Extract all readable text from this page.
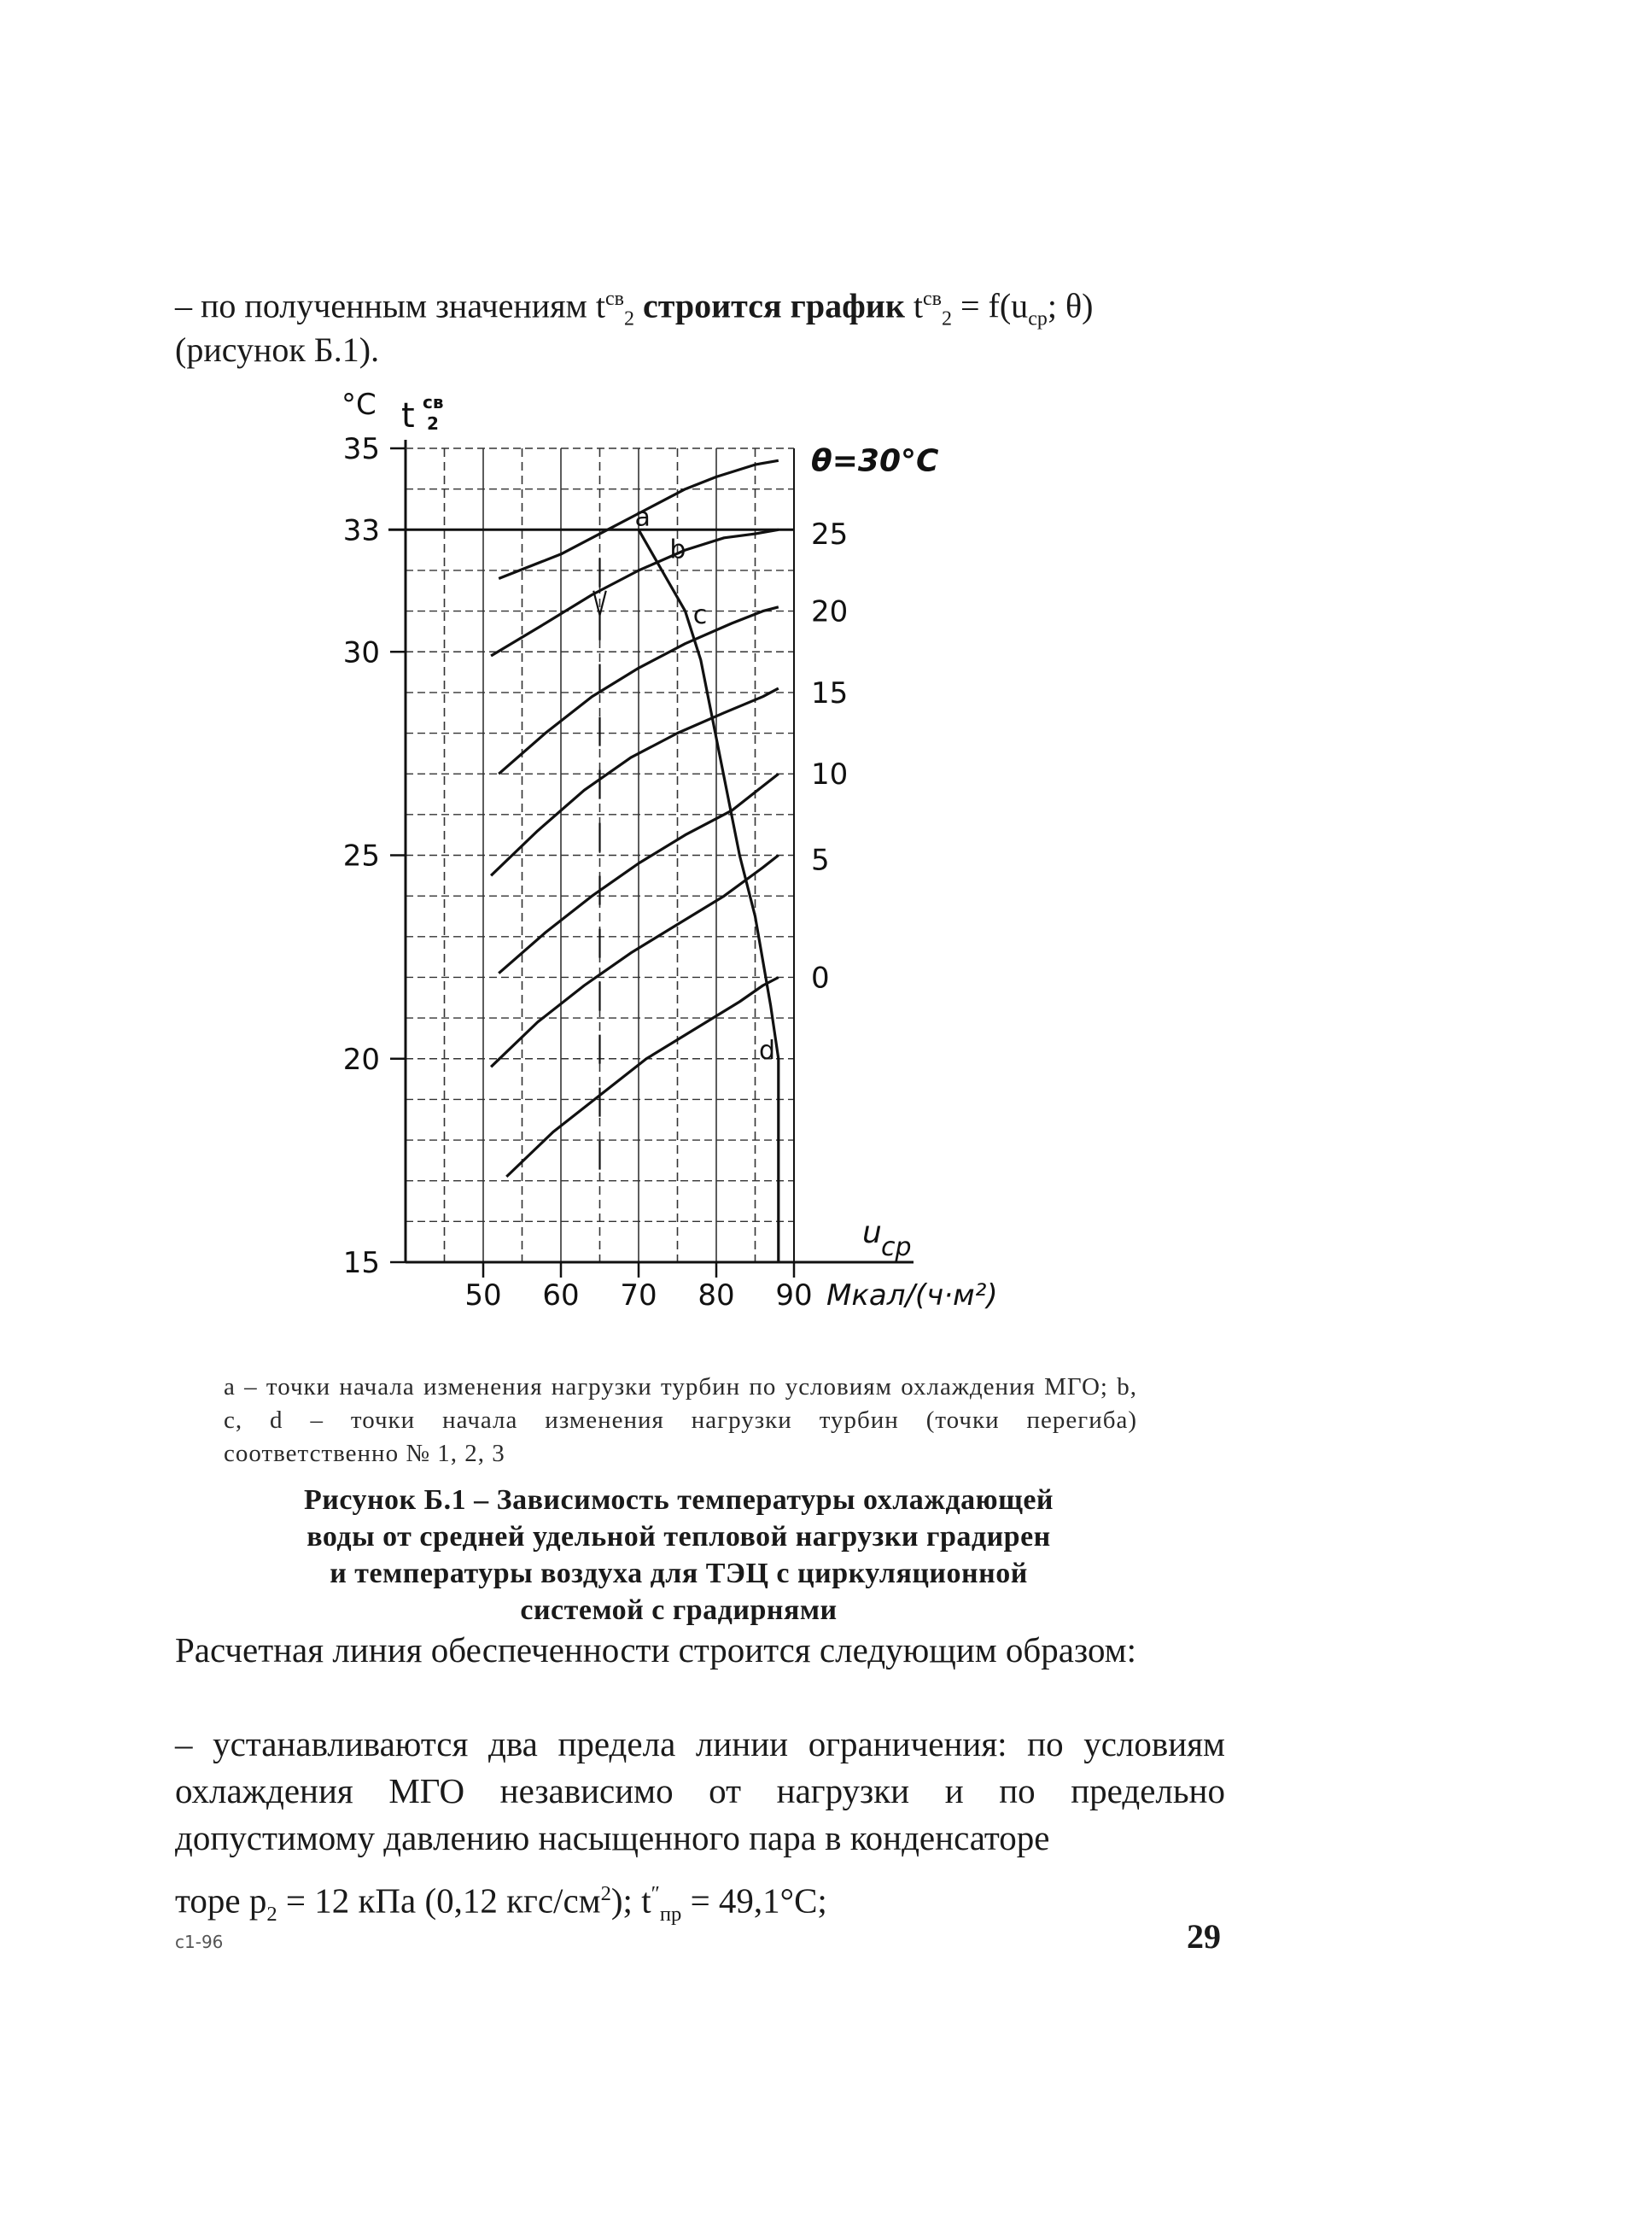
– по полученным значениям $t^{св}_2$ строится график $t^{св}_2 = f(u_{ср}$; θ)
(рисунок Б.1).
15
20
25
30
33
35
50 60 70 80 90 Мкал/(ч·м²)
°С t св
2
u ср
θ=30°С
25
20
15
10
5
0
a
b
c
d
а – точки начала изменения нагрузки турбин по условиям охлаждения МГО; b, c, d – точки начала изменения нагрузки турбин (точки перегиба) соответственно № 1, 2, 3
Рисунок Б.1 – Зависимость температуры охлаждающей
воды от средней удельной тепловой нагрузки градирен
и температуры воздуха для ТЭЦ с циркуляционной
системой с градирнями
Расчетная линия обеспеченности строится следующим образом:
– устанавливаются два предела линии ограничения: по условиям охлаждения МГО независимо от нагрузки и по предельно допустимому давлению насыщенного пара в конденсаторе
торе $p_2 = 12$ кПа (0,12 кгс/$см^2$); $t''_{пр} = 49,1^\circ С$;
с1-96	29
